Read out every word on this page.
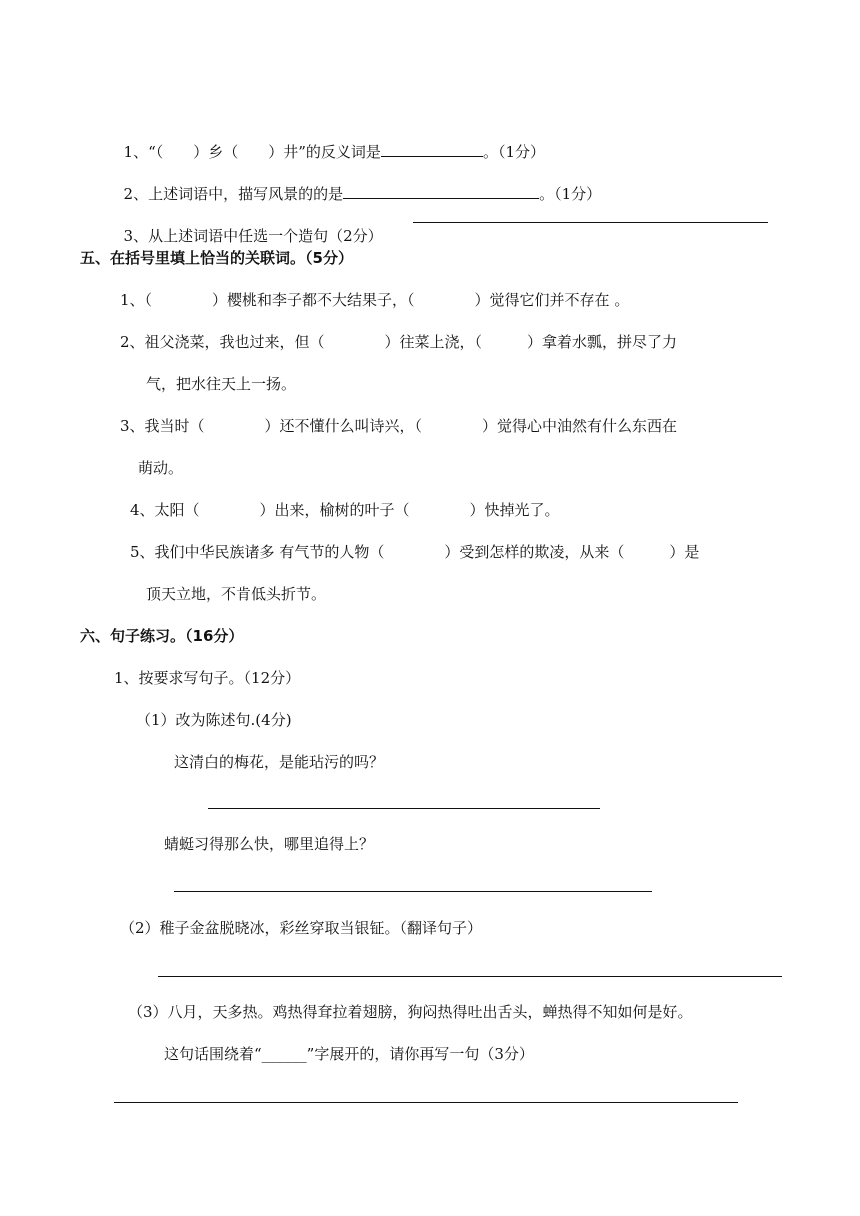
1、“（　　）乡（　　）井”的反义词是	。（1分）

2、上述词语中，描写风景的的是	。（1分）

3、从上述词语中任选一个造句（2分）

五、在括号里填上恰当的关联词。（5分）
1、（　　　　）樱桃和李子都不大结果子，（　　　　）觉得它们并不存在 。
2、祖父浇菜，我也过来，但（　　　　）往菜上浇，（　　　）拿着水瓢，拼尽了力
气，把水往天上一扬。
3、我当时（　　　　）还不懂什么叫诗兴，（　　　　）觉得心中油然有什么东西在
萌动。
4、太阳（　　　　）出来，榆树的叶子（　　　　）快掉光了。
5、我们中华民族诸多 有气节的人物（　　　　）受到怎样的欺凌，从来（　　　）是
顶天立地，不肯低头折节。
六、句子练习。（16分）
1、按要求写句子。（12分）
（1）改为陈述句.(4分)
这清白的梅花，是能玷污的吗？
蜻蜓习得那么快，哪里追得上？
（2）稚子金盆脱晓冰，彩丝穿取当银钲。（翻译句子）
（3）八月，天多热。鸡热得耷拉着翅膀，狗闷热得吐出舌头，蝉热得不知如何是好。
这句话围绕着“______”字展开的，请你再写一句（3分）
